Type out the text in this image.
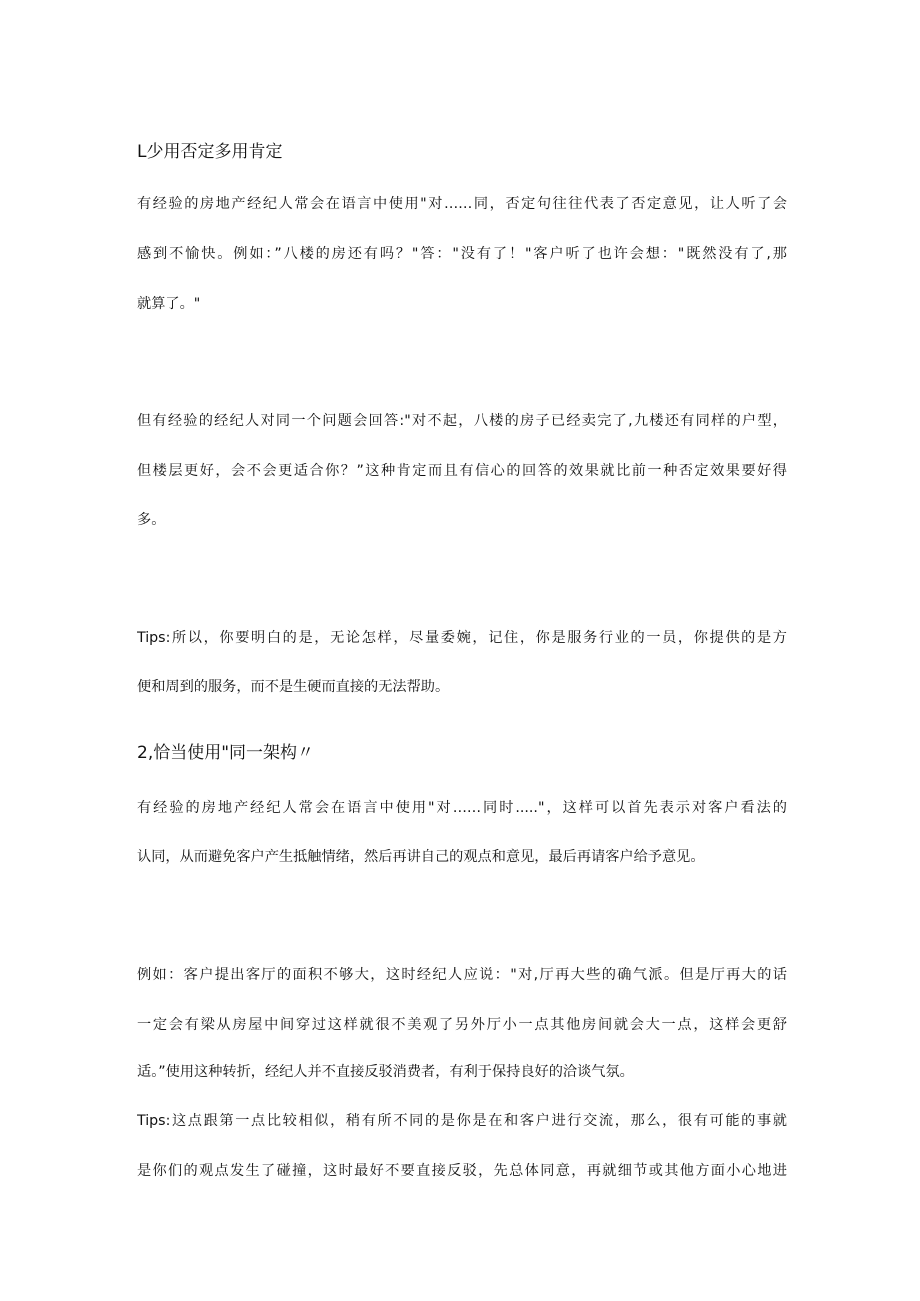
L少用否定多用肯定
有经验的房地产经纪人常会在语言中使用"对……同，否定句往往代表了否定意见，让人听了会
感到不愉快。例如：”八楼的房还有吗？"答："没有了！"客户听了也许会想："既然没有了,那
就算了。"
但有经验的经纪人对同一个问题会回答:"对不起，八楼的房子已经卖完了,九楼还有同样的户型，
但楼层更好，会不会更适合你？”这种肯定而且有信心的回答的效果就比前一种否定效果要好得
多。
Tips:所以，你要明白的是，无论怎样，尽量委婉，记住，你是服务行业的一员，你提供的是方
便和周到的服务，而不是生硬而直接的无法帮助。
2,恰当使用"同一架构〃
有经验的房地产经纪人常会在语言中使用"对……同时....."，这样可以首先表示对客户看法的
认同，从而避免客户产生抵触情绪，然后再讲自己的观点和意见，最后再请客户给予意见。
例如：客户提出客厅的面积不够大，这时经纪人应说："对,厅再大些的确气派。但是厅再大的话
一定会有梁从房屋中间穿过这样就很不美观了另外厅小一点其他房间就会大一点，这样会更舒
适。”使用这种转折，经纪人并不直接反驳消费者，有利于保持良好的洽谈气氛。
Tips:这点跟第一点比较相似，稍有所不同的是你是在和客户进行交流，那么，很有可能的事就
是你们的观点发生了碰撞，这时最好不要直接反驳，先总体同意，再就细节或其他方面小心地进
